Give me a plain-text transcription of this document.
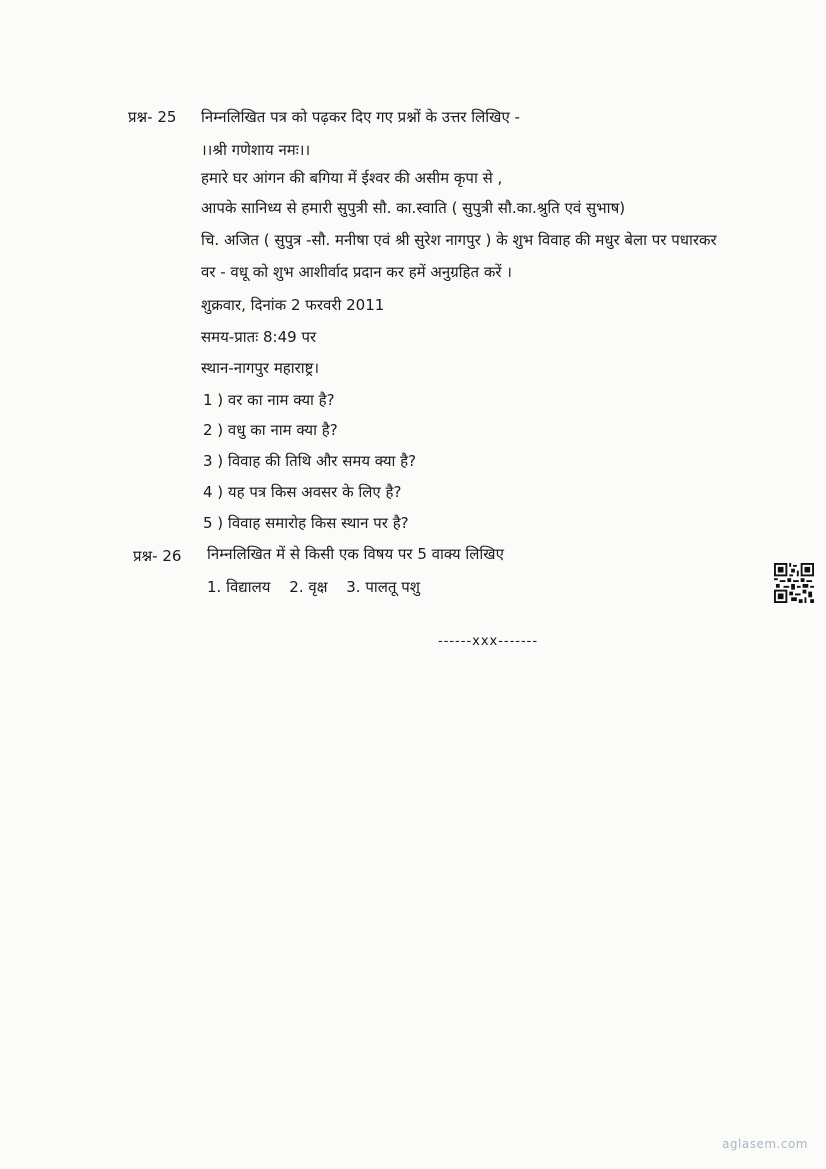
प्रश्न- 25 निम्नलिखित पत्र को पढ़कर दिए गए प्रश्नों के उत्तर लिखिए -
।।श्री गणेशाय नमः।।
हमारे घर आंगन की बगिया में ईश्वर की असीम कृपा से ,
आपके सानिध्य से हमारी सुपुत्री सौ. का.स्वाति ( सुपुत्री सौ.का.श्रुति एवं सुभाष)
चि. अजित ( सुपुत्र -सौ. मनीषा एवं श्री सुरेश नागपुर ) के शुभ विवाह की मधुर बेला पर पधारकर
वर - वधू को शुभ आशीर्वाद प्रदान कर हमें अनुग्रहित करें ।
शुक्रवार, दिनांक 2 फरवरी 2011
समय-प्रातः 8:49 पर
स्थान-नागपुर महाराष्ट्र।
1 ) वर का नाम क्या है?
2 ) वधु का नाम क्या है?
3 ) विवाह की तिथि और समय क्या है?
4 ) यह पत्र किस अवसर के लिए है?
5 ) विवाह समारोह किस स्थान पर है?
प्रश्न- 26 निम्नलिखित में से किसी एक विषय पर 5 वाक्य लिखिए
1. विद्यालय 2. वृक्ष 3. पालतू पशु
------xxx-------
aglasem.com
